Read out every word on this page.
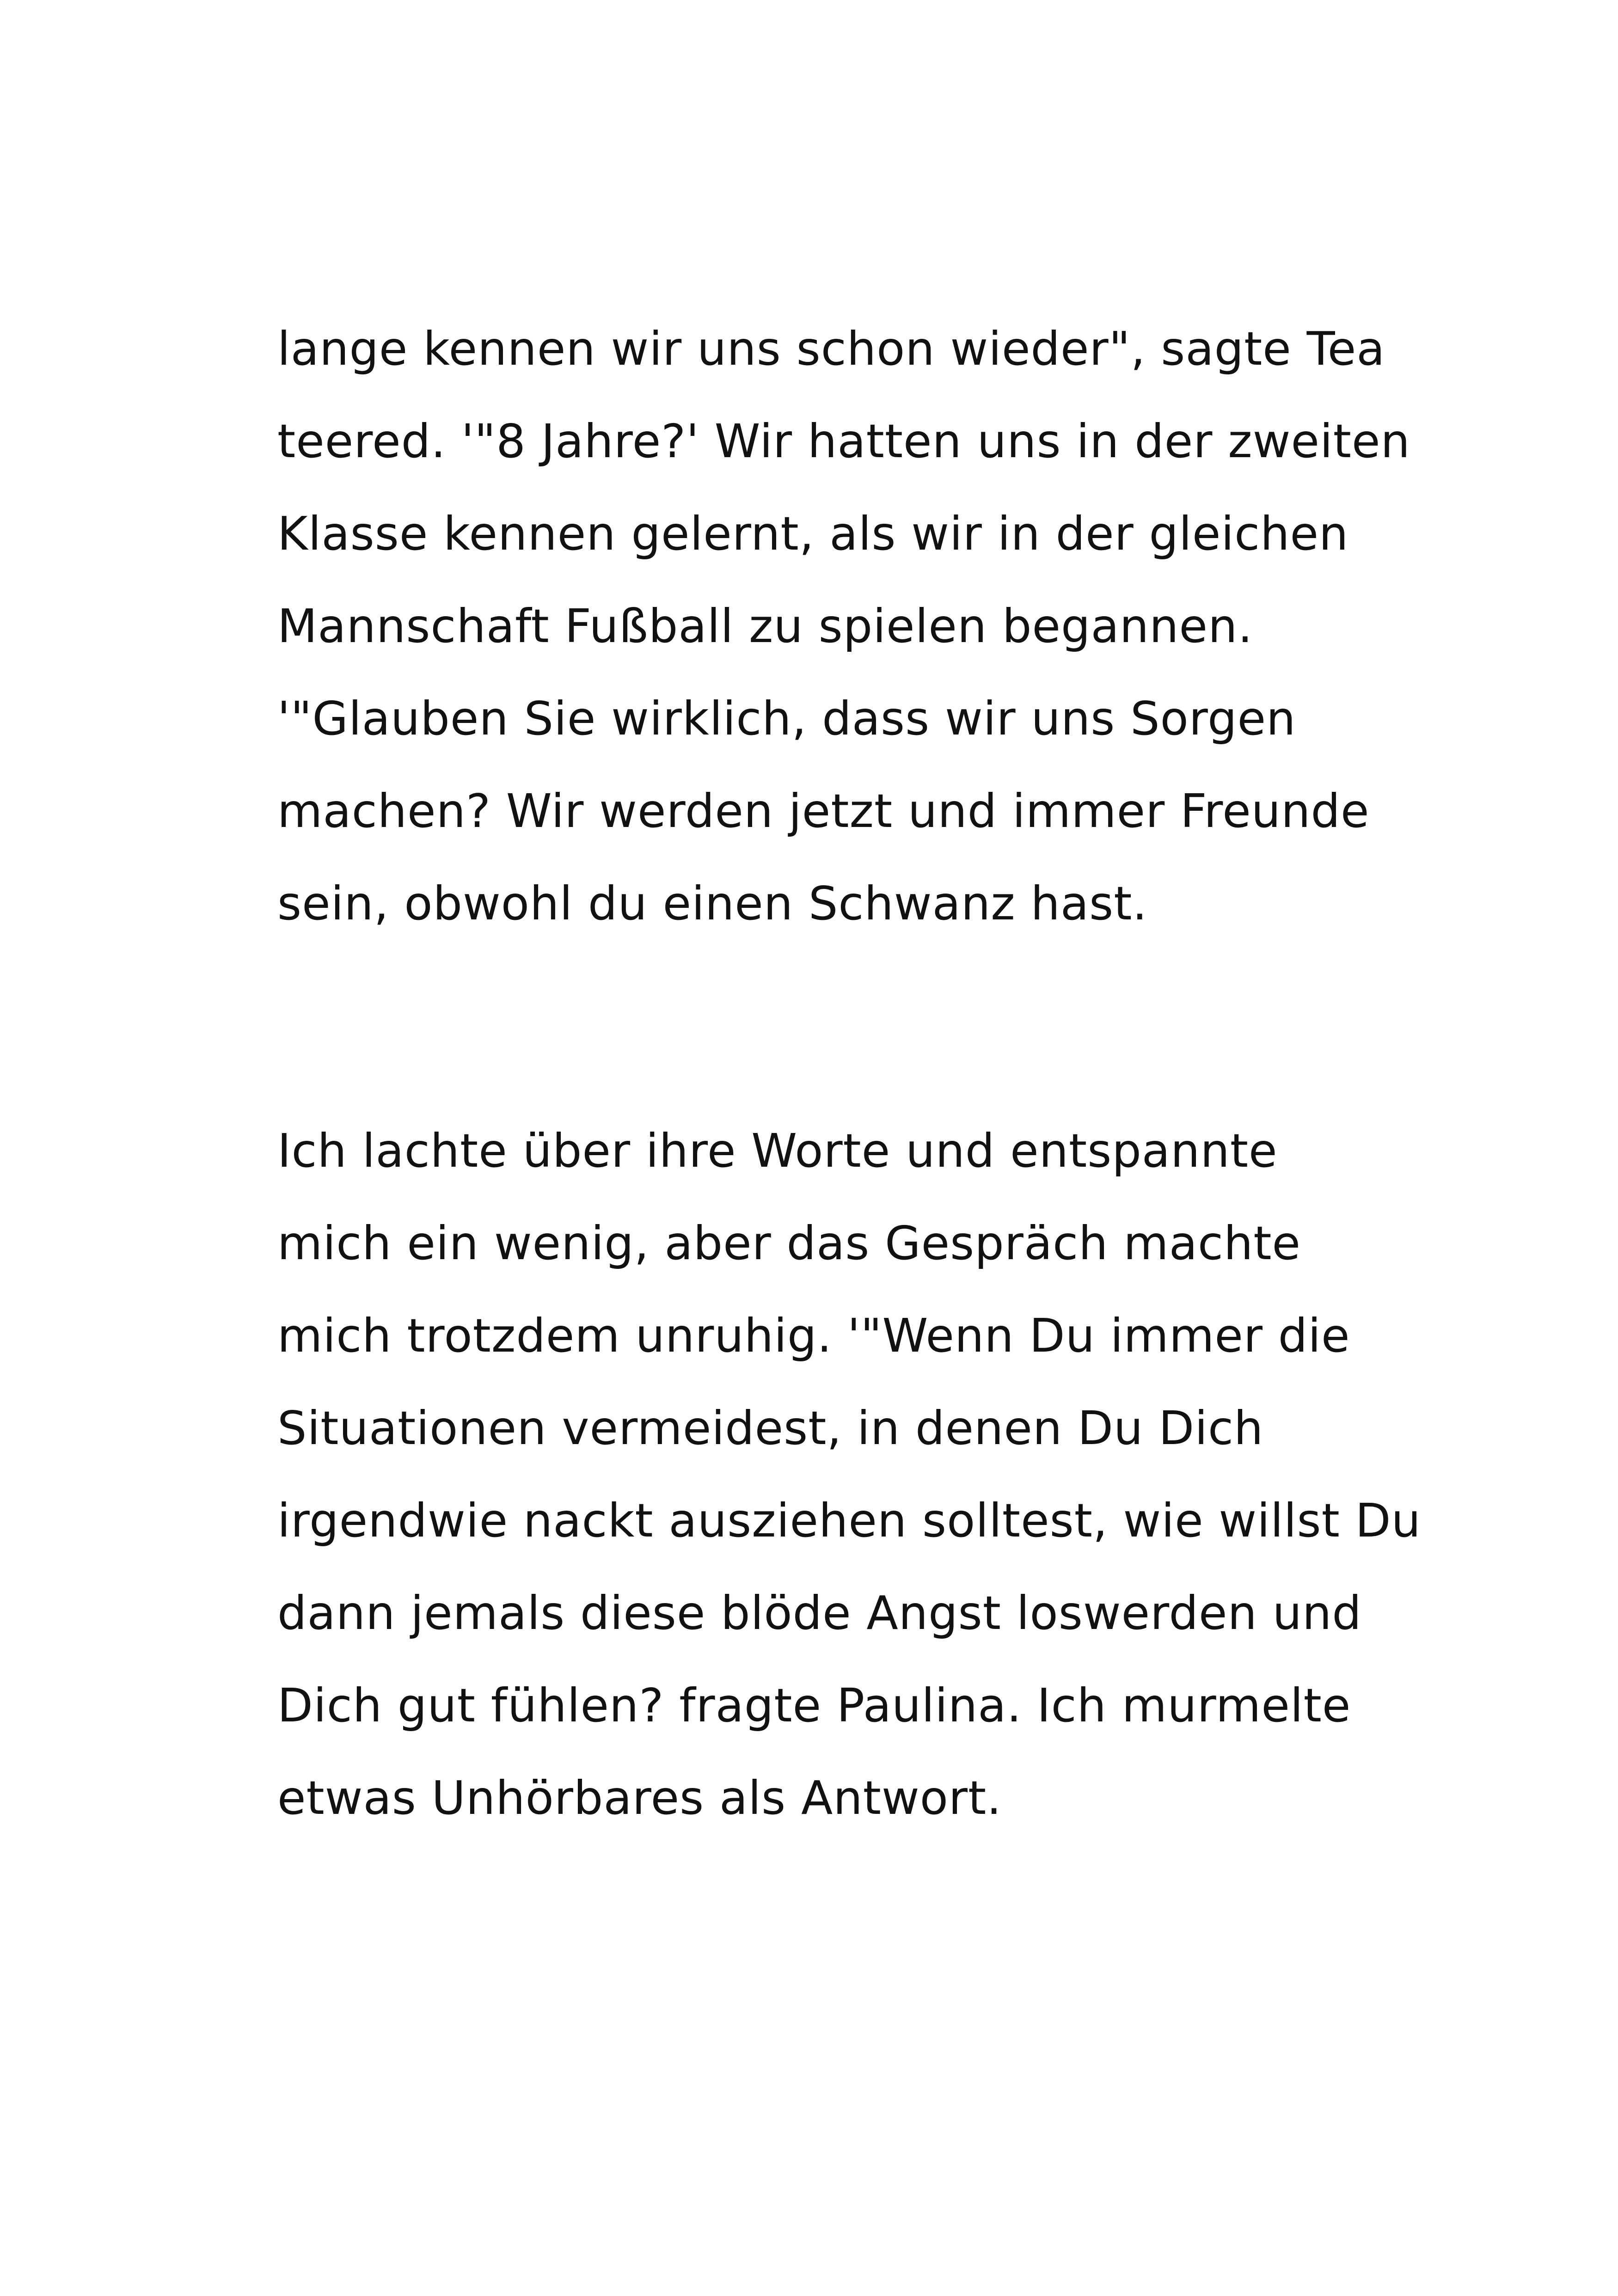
lange kennen wir uns schon wieder", sagte Tea
teered. '"8 Jahre?' Wir hatten uns in der zweiten
Klasse kennen gelernt, als wir in der gleichen
Mannschaft Fußball zu spielen begannen.
'"Glauben Sie wirklich, dass wir uns Sorgen
machen? Wir werden jetzt und immer Freunde
sein, obwohl du einen Schwanz hast.

Ich lachte über ihre Worte und entspannte
mich ein wenig, aber das Gespräch machte
mich trotzdem unruhig. '"Wenn Du immer die
Situationen vermeidest, in denen Du Dich
irgendwie nackt ausziehen solltest, wie willst Du
dann jemals diese blöde Angst loswerden und
Dich gut fühlen? fragte Paulina. Ich murmelte
etwas Unhörbares als Antwort.
